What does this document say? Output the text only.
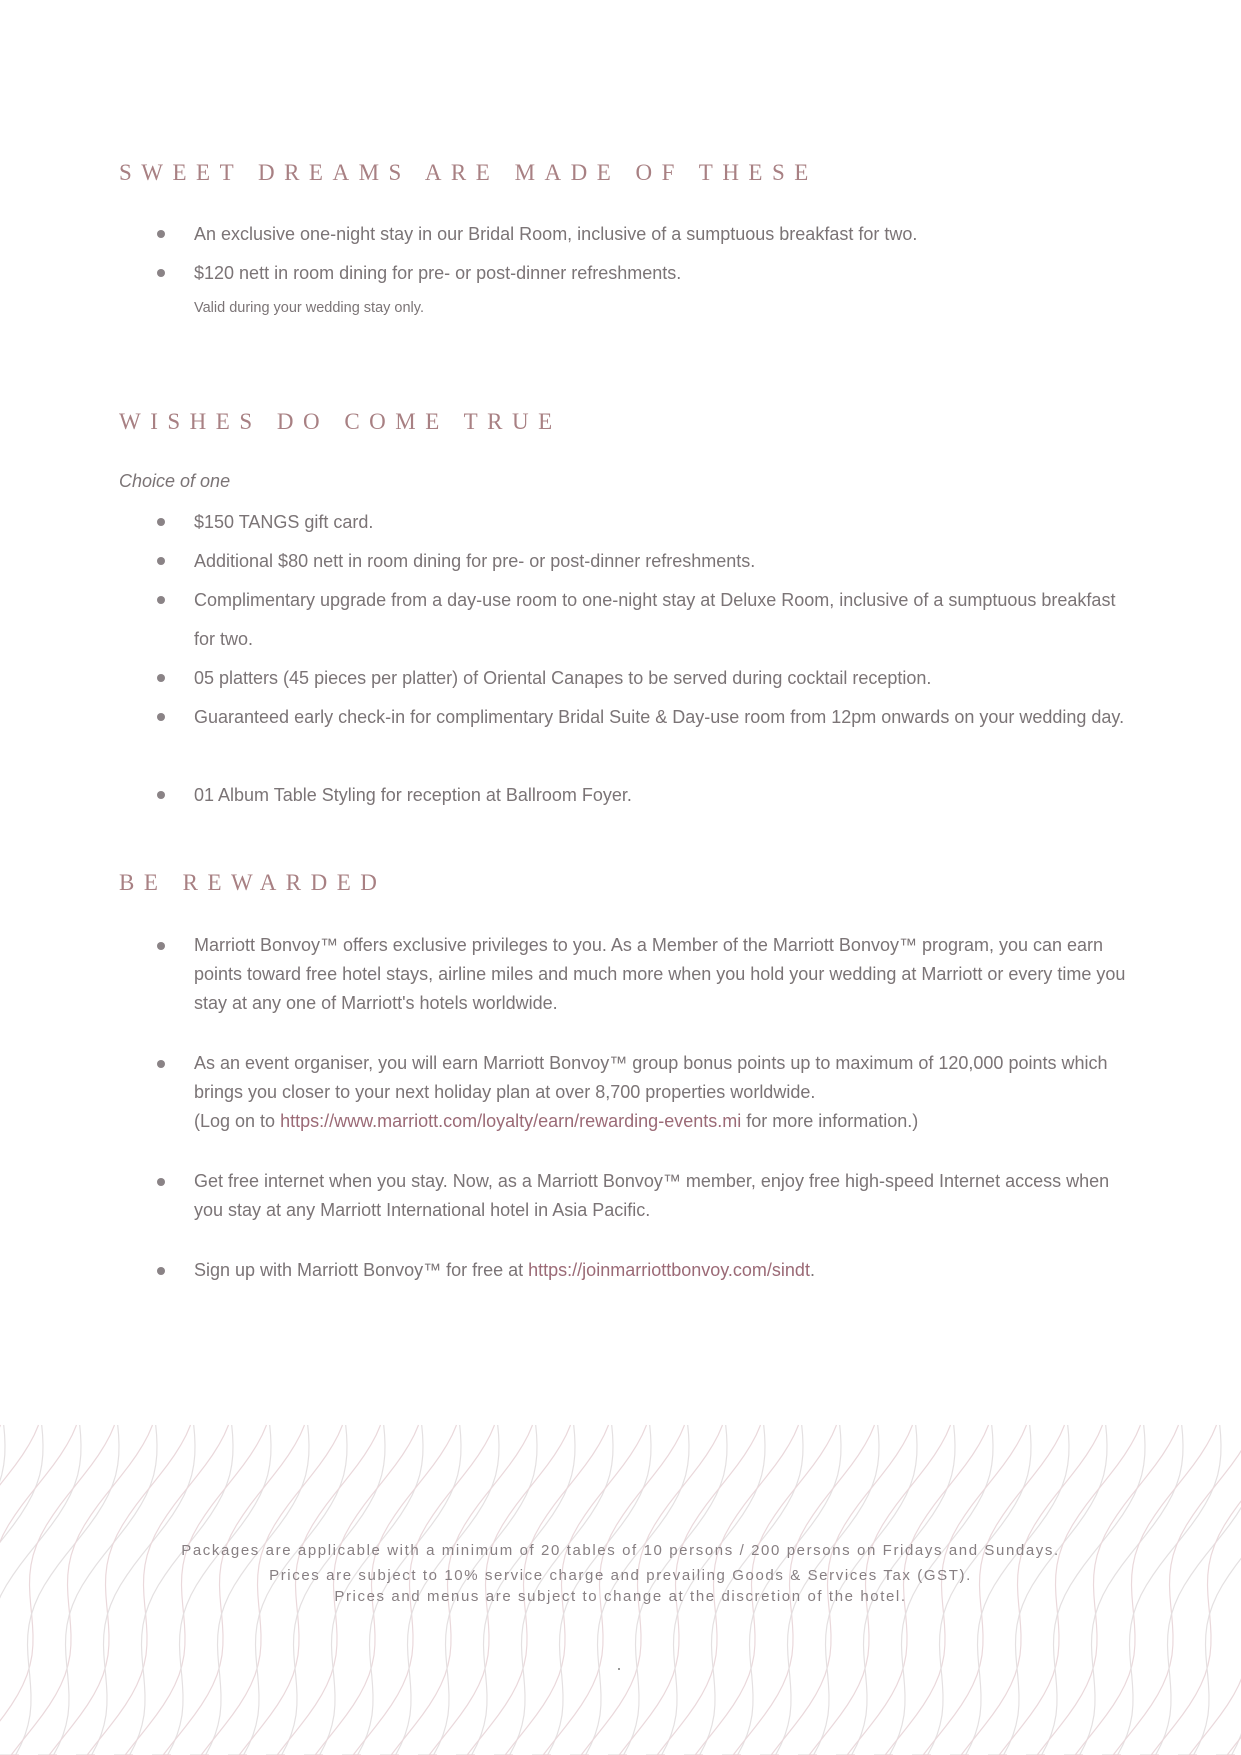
SWEET DREAMS ARE MADE OF THESE
An exclusive one-night stay in our Bridal Room, inclusive of a sumptuous breakfast for two.
$120 nett in room dining for pre- or post-dinner refreshments.
Valid during your wedding stay only.
WISHES DO COME TRUE
Choice of one
$150 TANGS gift card.
Additional $80 nett in room dining for pre- or post-dinner refreshments.
Complimentary upgrade from a day-use room to one-night stay at Deluxe Room, inclusive of a sumptuous breakfast for two.
05 platters (45 pieces per platter) of Oriental Canapes to be served during cocktail reception.
Guaranteed early check-in for complimentary Bridal Suite & Day-use room from 12pm onwards on your wedding day.
01 Album Table Styling for reception at Ballroom Foyer.
BE REWARDED
Marriott Bonvoy™ offers exclusive privileges to you. As a Member of the Marriott Bonvoy™ program, you can earn points toward free hotel stays, airline miles and much more when you hold your wedding at Marriott or every time you stay at any one of Marriott's hotels worldwide.
As an event organiser, you will earn Marriott Bonvoy™ group bonus points up to maximum of 120,000 points which brings you closer to your next holiday plan at over 8,700 properties worldwide.
(Log on to https://www.marriott.com/loyalty/earn/rewarding-events.mi for more information.)
Get free internet when you stay. Now, as a Marriott Bonvoy™ member, enjoy free high-speed Internet access when you stay at any Marriott International hotel in Asia Pacific.
Sign up with Marriott Bonvoy™ for free at https://joinmarriottbonvoy.com/sindt.
Packages are applicable with a minimum of 20 tables of 10 persons / 200 persons on Fridays and Sundays.
Prices are subject to 10% service charge and prevailing Goods & Services Tax (GST).
Prices and menus are subject to change at the discretion of the hotel.
